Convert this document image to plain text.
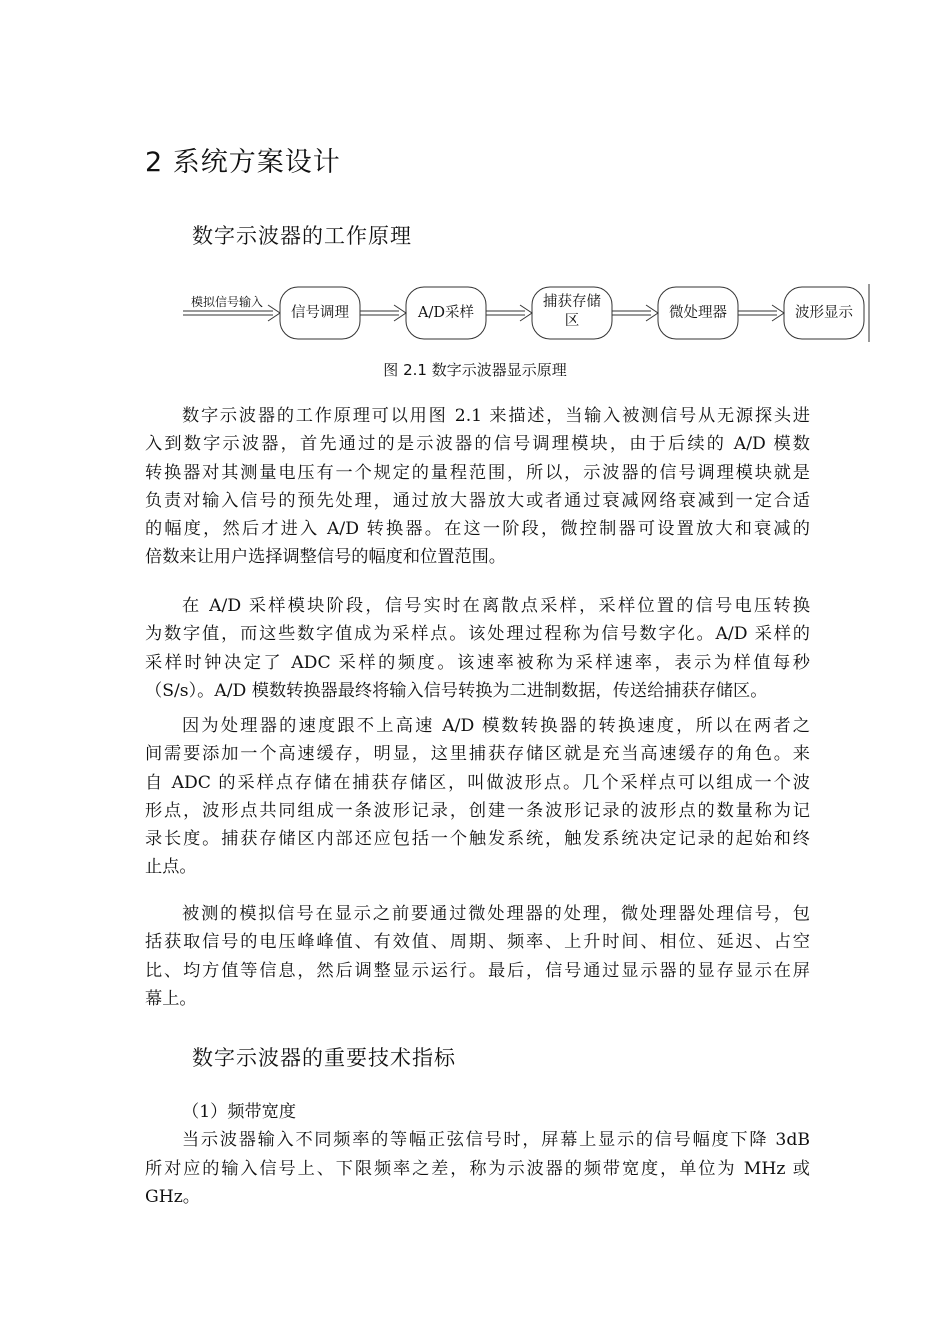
2 系统方案设计
数字示波器的工作原理
模拟信号输入
信号调理	A/D采样
捕获存储
区	微处理器	波形显示
图 2.1 数字示波器显示原理
数字示波器的工作原理可以用图 2.1 来描述，当输入被测信号从无源探头进
入到数字示波器，首先通过的是示波器的信号调理模块，由于后续的 A/D 模数
转换器对其测量电压有一个规定的量程范围，所以，示波器的信号调理模块就是
负责对输入信号的预先处理，通过放大器放大或者通过衰减网络衰减到一定合适
的幅度，然后才进入 A/D 转换器。在这一阶段，微控制器可设置放大和衰减的
倍数来让用户选择调整信号的幅度和位置范围。
在 A/D 采样模块阶段，信号实时在离散点采样，采样位置的信号电压转换
为数字值，而这些数字值成为采样点。该处理过程称为信号数字化。A/D 采样的
采样时钟决定了 ADC 采样的频度。该速率被称为采样速率，表示为样值每秒
（S/s）。A/D 模数转换器最终将输入信号转换为二进制数据，传送给捕获存储区。
因为处理器的速度跟不上高速 A/D 模数转换器的转换速度，所以在两者之
间需要添加一个高速缓存，明显，这里捕获存储区就是充当高速缓存的角色。来
自 ADC 的采样点存储在捕获存储区，叫做波形点。几个采样点可以组成一个波
形点，波形点共同组成一条波形记录，创建一条波形记录的波形点的数量称为记
录长度。捕获存储区内部还应包括一个触发系统，触发系统决定记录的起始和终
止点。
被测的模拟信号在显示之前要通过微处理器的处理，微处理器处理信号，包
括获取信号的电压峰峰值、有效值、周期、频率、上升时间、相位、延迟、占空
比、均方值等信息，然后调整显示运行。最后，信号通过显示器的显存显示在屏
幕上。
数字示波器的重要技术指标
（1）频带宽度
当示波器输入不同频率的等幅正弦信号时，屏幕上显示的信号幅度下降 3dB
所对应的输入信号上、下限频率之差，称为示波器的频带宽度，单位为 MHz 或
GHz。
